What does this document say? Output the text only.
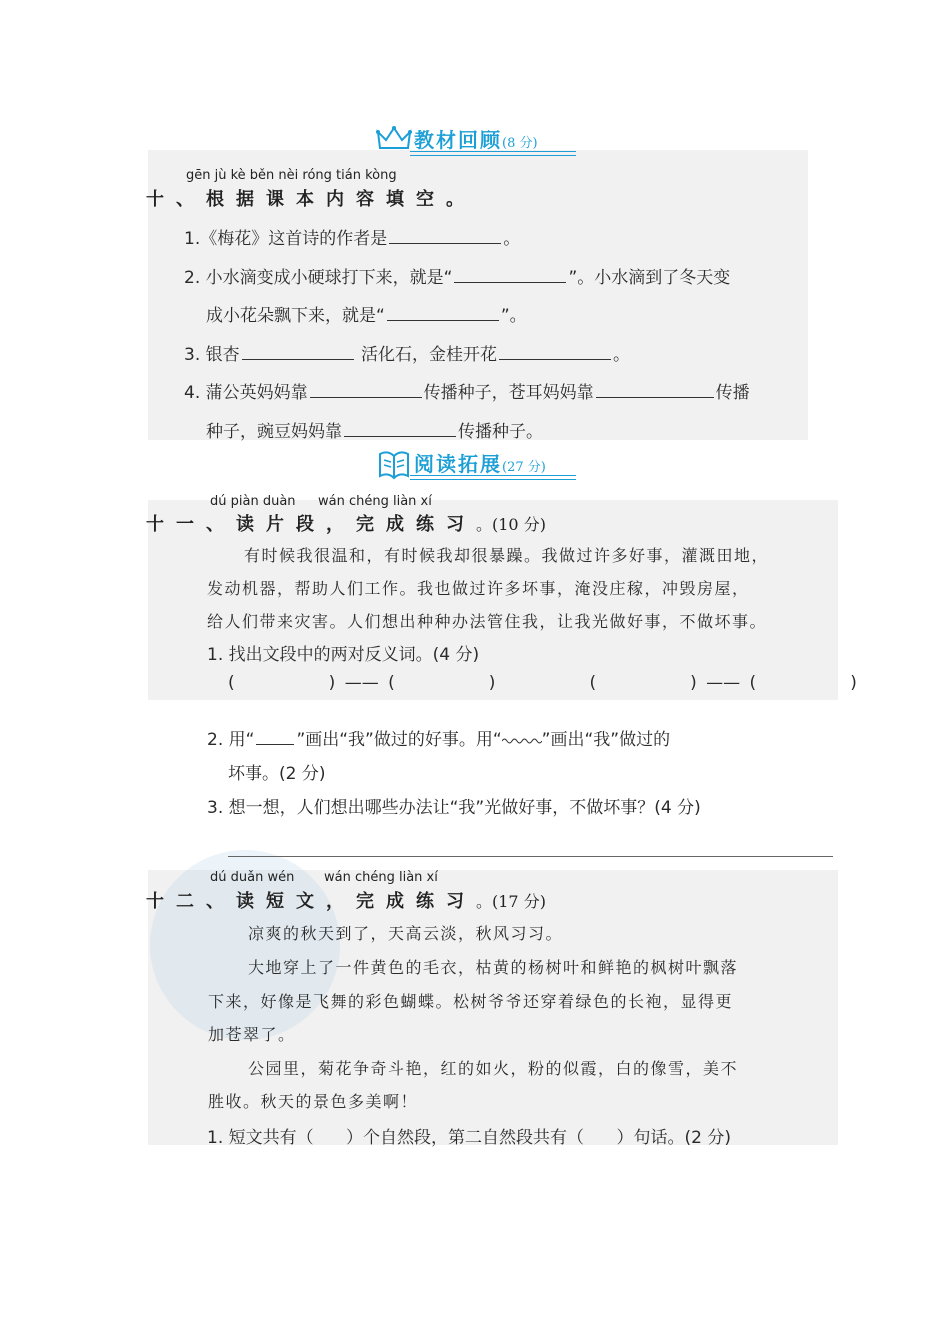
教材回顾(8 分)
gēn jù kè běn nèi róng tián kòng
十、根据课本内容填空。
1.《梅花》这首诗的作者是	。
2. 小水滴变成小硬球打下来，就是“	”。小水滴到了冬天变
成小花朵飘下来，就是“	”。
3. 银杏	活化石，金桂开花	。
4. 蒲公英妈妈靠	传播种子，苍耳妈妈靠	传播
种子，豌豆妈妈靠	传播种子。
阅读拓展(27 分)
dú piàn duàn wán chéng liàn xí
十一、读片段，完成练习。(10 分)
有时候我很温和，有时候我却很暴躁。我做过许多好事，灌溉田地，
发动机器，帮助人们工作。我也做过许多坏事，淹没庄稼，冲毁房屋，
给人们带来灾害。人们想出种种办法管住我，让我光做好事，不做坏事。
1. 找出文段中的两对反义词。(4 分)
(          ) —— (          )          (          ) —— (          )
2. 用“ ”画出“我”做过的好事。用“ ”画出“我”做过的
坏事。(2 分)
3. 想一想，人们想出哪些办法让“我”光做好事，不做坏事？(4 分)
dú duǎn wén wán chéng liàn xí
十二、读短文，完成练习。(17 分)
凉爽的秋天到了，天高云淡，秋风习习。
大地穿上了一件黄色的毛衣，枯黄的杨树叶和鲜艳的枫树叶飘落
下来，好像是飞舞的彩色蝴蝶。松树爷爷还穿着绿色的长袍，显得更
加苍翠了。
公园里，菊花争奇斗艳，红的如火，粉的似霞，白的像雪，美不
胜收。秋天的景色多美啊！
1. 短文共有（      ）个自然段，第二自然段共有（      ）句话。(2 分)
